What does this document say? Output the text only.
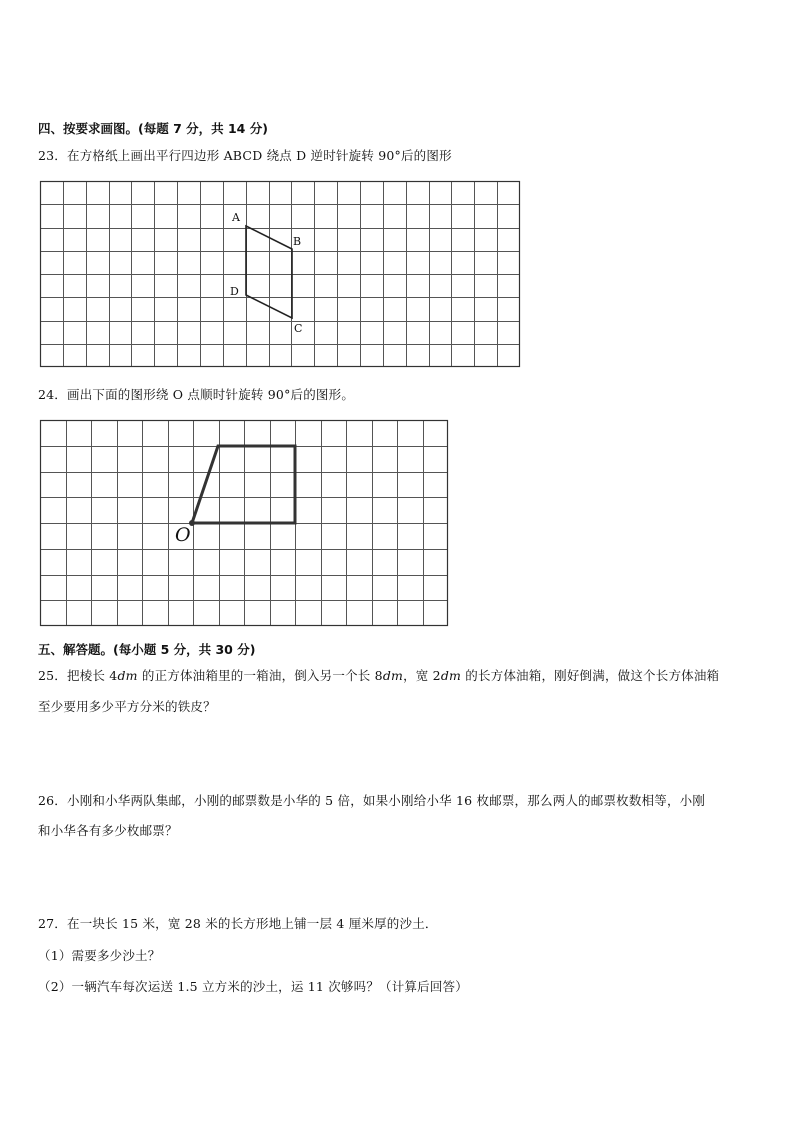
四、按要求画图。(每题 7 分，共 14 分)
23．在方格纸上画出平行四边形 ABCD 绕点 D 逆时针旋转 90°后的图形
A
B
C
D
24．画出下面的图形绕 O 点顺时针旋转 90°后的图形。
O
五、解答题。(每小题 5 分，共 30 分)
25．把棱长 4dm 的正方体油箱里的一箱油，倒入另一个长 8dm，宽 2dm 的长方体油箱，刚好倒满，做这个长方体油箱
至少要用多少平方分米的铁皮？
26．小刚和小华两队集邮，小刚的邮票数是小华的 5 倍，如果小刚给小华 16 枚邮票，那么两人的邮票枚数相等，小刚
和小华各有多少枚邮票？
27．在一块长 15 米，宽 28 米的长方形地上铺一层 4 厘米厚的沙土．
（1）需要多少沙土？
（2）一辆汽车每次运送 1.5 立方米的沙土，运 11 次够吗？（计算后回答）
